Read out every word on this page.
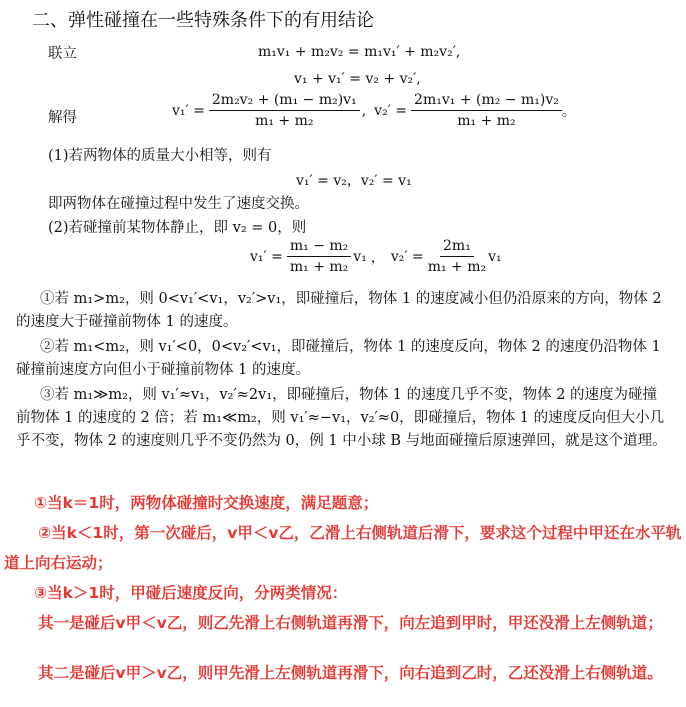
二、弹性碰撞在一些特殊条件下的有用结论
联立	m₁v₁ + m₂v₂ = m₁v₁′ + m₂v₂′,
v₁ + v₁′ = v₂ + v₂′,
解得	$v_1' = \frac{\text{2m₂v₂ + (m₁ − m₂)v₁}}{\text{m₁ + m₂}}$ , $v_2' = \frac{\text{2m₁v₁ + (m₂ − m₁)v₂}}{\text{m₁ + m₂}}$ 。
(1)若两物体的质量大小相等，则有
v₁′ = v₂，v₂′ = v₁
即两物体在碰撞过程中发生了速度交换。
(2)若碰撞前某物体静止，即 v₂ = 0，则
$v_1' = \frac{\text{m₁ − m₂}}{\text{m₁ + m₂}} v_1$ ， $v_2' = \frac{\text{2m₁}}{\text{m₁ + m₂}} v_1$
①若 m₁>m₂，则 0<v₁′<v₁，v₂′>v₁，即碰撞后，物体 1 的速度减小但仍沿原来的方向，物体 2 的速度大于碰撞前物体 1 的速度。
②若 m₁<m₂，则 v₁′<0，0<v₂′<v₁，即碰撞后，物体 1 的速度反向，物体 2 的速度仍沿物体 1 碰撞前速度方向但小于碰撞前物体 1 的速度。
③若 m₁≫m₂，则 v₁′≈v₁，v₂′≈2v₁，即碰撞后，物体 1 的速度几乎不变，物体 2 的速度为碰撞前物体 1 的速度的 2 倍；若 m₁≪m₂，则 v₁′≈−v₁，v₂′≈0，即碰撞后，物体 1 的速度反向但大小几乎不变，物体 2 的速度则几乎不变仍然为 0，例 1 中小球 B 与地面碰撞后原速弹回，就是这个道理。
①当k＝1时，两物体碰撞时交换速度，满足题意；
②当k＜1时，第一次碰后，v甲＜v乙，乙滑上右侧轨道后滑下，要求这个过程中甲还在水平轨道上向右运动；
③当k＞1时，甲碰后速度反向，分两类情况：
其一是碰后v甲＜v乙，则乙先滑上右侧轨道再滑下，向左追到甲时，甲还没滑上左侧轨道；
其二是碰后v甲＞v乙，则甲先滑上左侧轨道再滑下，向右追到乙时，乙还没滑上右侧轨道。
